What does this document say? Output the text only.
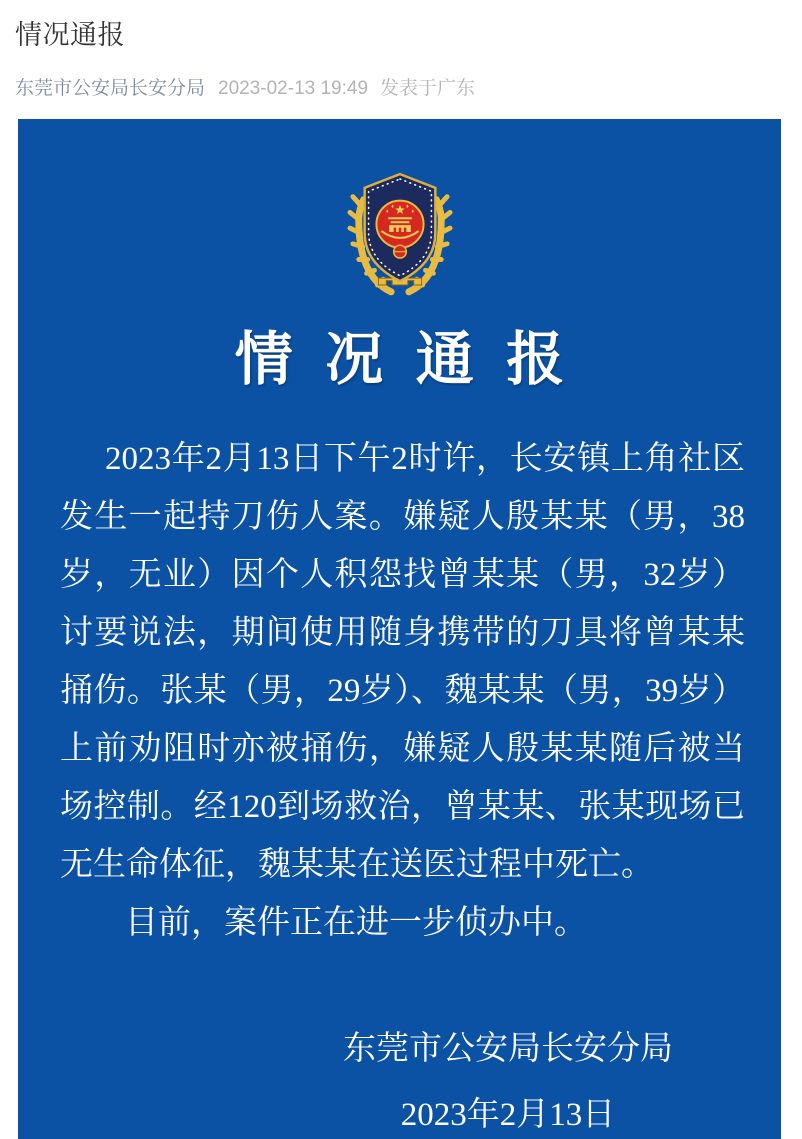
情况通报
东莞市公安局长安分局 2023-02-13 19:49 发表于广东
情 况 通 报

2023年2月13日下午2时许，长安镇上角社区发生一起持刀伤人案。嫌疑人殷某某（男，38岁，无业）因个人积怨找曾某某（男，32岁）讨要说法，期间使用随身携带的刀具将曾某某捅伤。张某（男，29岁）、魏某某（男，39岁）上前劝阻时亦被捅伤，嫌疑人殷某某随后被当场控制。经120到场救治，曾某某、张某现场已无生命体征，魏某某在送医过程中死亡。

目前，案件正在进一步侦办中。

东莞市公安局长安分局
2023年2月13日
